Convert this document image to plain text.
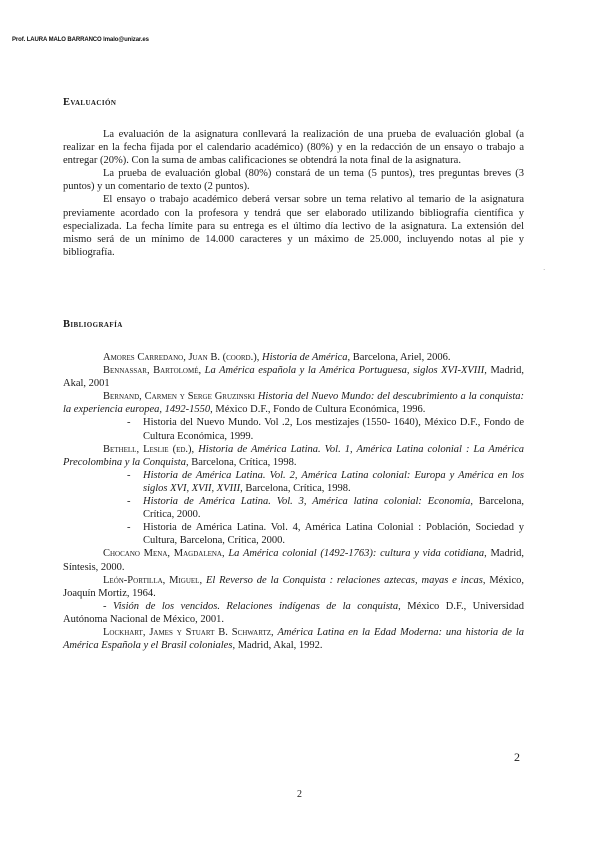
Prof. LAURA MALO BARRANCO lmalo@unizar.es
Evaluación

La evaluación de la asignatura conllevará la realización de una prueba de evaluación global (a realizar en la fecha fijada por el calendario académico) (80%) y en la redacción de un ensayo o trabajo a entregar (20%). Con la suma de ambas calificaciones se obtendrá la nota final de la asignatura.

La prueba de evaluación global (80%) constará de un tema (5 puntos), tres preguntas breves (3 puntos) y un comentario de texto (2 puntos).

El ensayo o trabajo académico deberá versar sobre un tema relativo al temario de la asignatura previamente acordado con la profesora y tendrá que ser elaborado utilizando bibliografía científica y especializada. La fecha límite para su entrega es el último día lectivo de la asignatura. La extensión del mismo será de un mínimo de 14.000 caracteres y un máximo de 25.000, incluyendo notas al pie y bibliografía.

·
Bibliografía

Amores Carredano, Juan B. (coord.), Historia de América, Barcelona, Ariel, 2006.

Bennassar, Bartolomé, La América española y la América Portuguesa, siglos XVI-XVIII, Madrid, Akal, 2001

Bernand, Carmen y Serge Gruzinski Historia del Nuevo Mundo: del descubrimiento a la conquista: la experiencia europea, 1492-1550, México D.F., Fondo de Cultura Económica, 1996.

- Historia del Nuevo Mundo. Vol .2, Los mestizajes (1550- 1640), México D.F., Fondo de Cultura Económica, 1999.

Bethell, Leslie (ed.), Historia de América Latina. Vol. 1, América Latina colonial : La América Precolombina y la Conquista, Barcelona, Crítica, 1998.

- Historia de América Latina. Vol. 2, América Latina colonial: Europa y América en los siglos XVI, XVII, XVIII, Barcelona, Crítica, 1998.

- Historia de América Latina. Vol. 3, América latina colonial: Economía, Barcelona, Crítica, 2000.

- Historia de América Latina. Vol. 4, América Latina Colonial : Población, Sociedad y Cultura, Barcelona, Crítica, 2000.

Chocano Mena, Magdalena, La América colonial (1492-1763): cultura y vida cotidiana, Madrid, Síntesis, 2000.

León-Portilla, Miguel, El Reverso de la Conquista : relaciones aztecas, mayas e incas, México, Joaquín Mortiz, 1964.

- Visión de los vencidos. Relaciones indígenas de la conquista, México D.F., Universidad Autónoma Nacional de México, 2001.

Lockhart, James y Stuart B. Schwartz, América Latina en la Edad Moderna: una historia de la América Española y el Brasil coloniales, Madrid, Akal, 1992.

2
2
